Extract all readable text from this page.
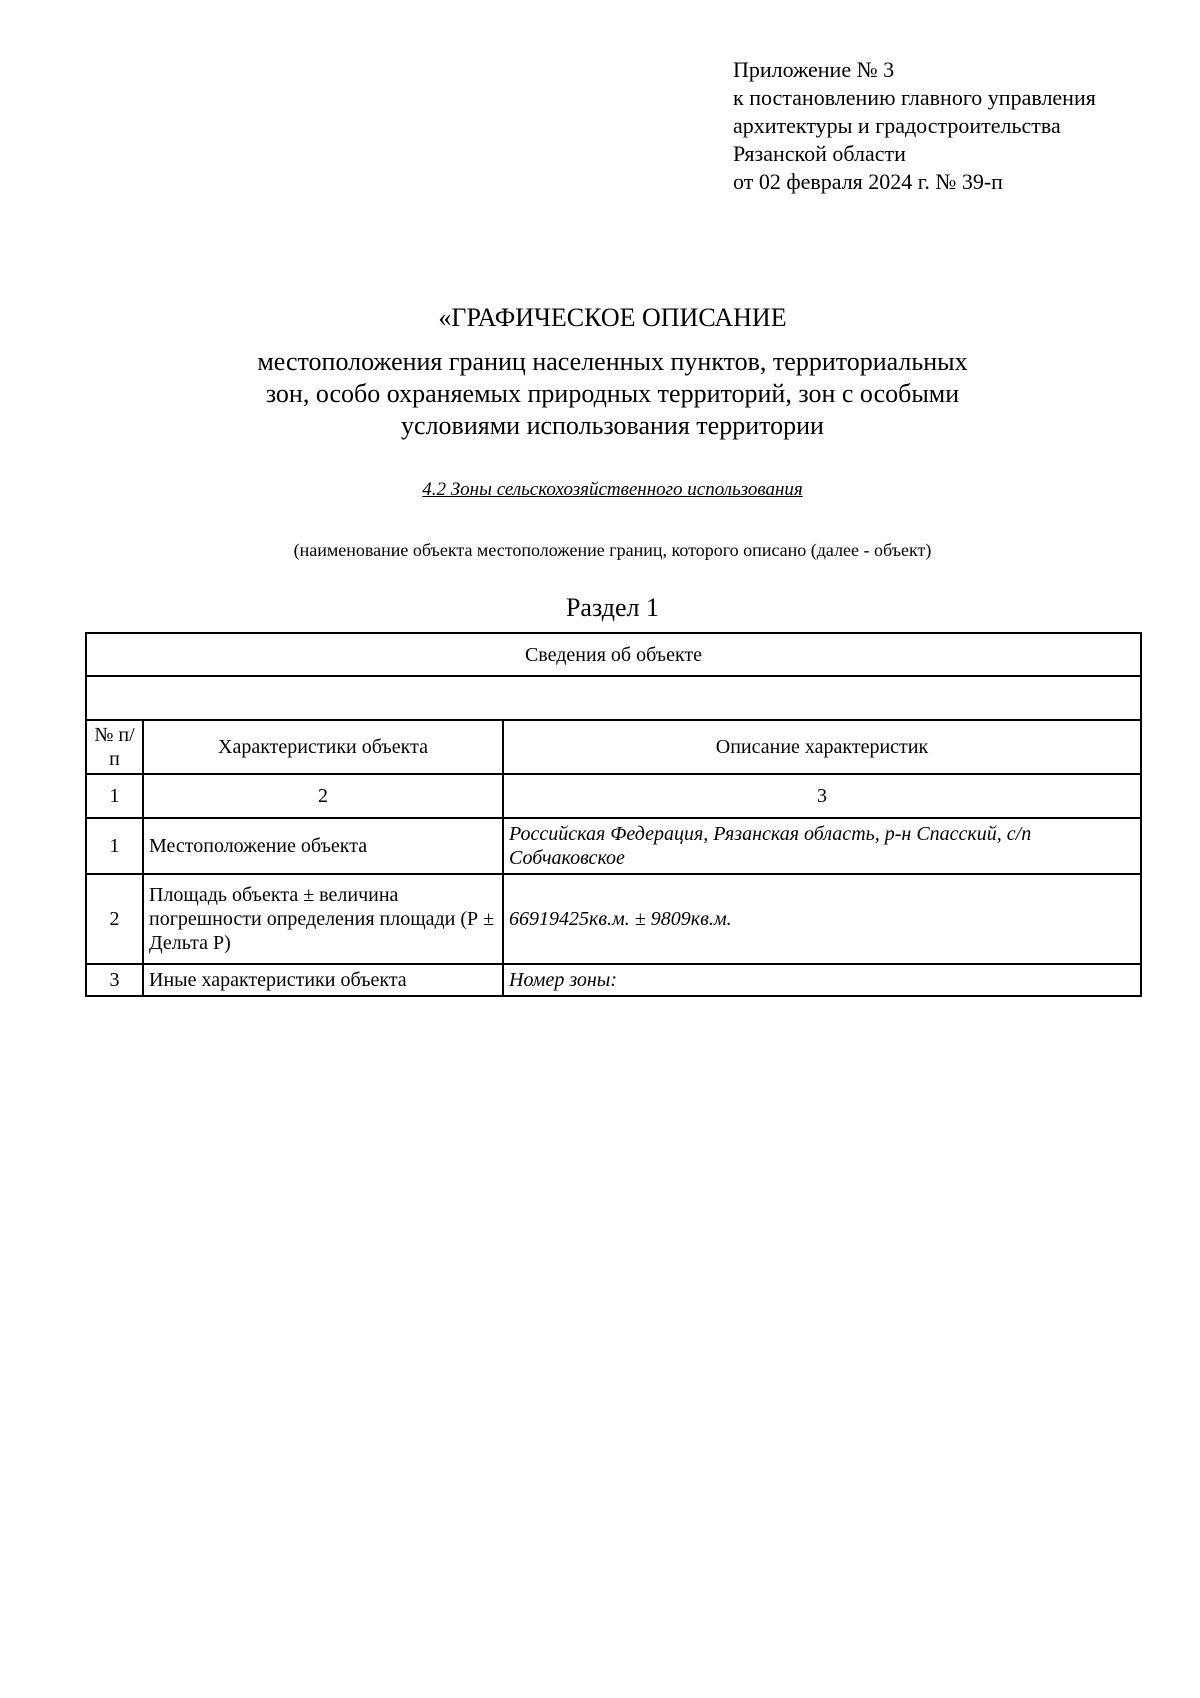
Приложение № 3
к постановлению главного управления
архитектуры и градостроительства
Рязанской области
от 02 февраля 2024 г. № 39-п
«ГРАФИЧЕСКОЕ ОПИСАНИЕ
местоположения границ населенных пунктов, территориальных
зон, особо охраняемых природных территорий, зон с особыми
условиями использования территории
4.2 Зоны сельскохозяйственного использования
(наименование объекта местоположение границ, которого описано (далее - объект)
Раздел 1
Сведения об объекте		

№ п/п	Характеристики объекта	Описание характеристик
1	2	3
1	Местоположение объекта	Российская Федерация, Рязанская область, р-н Спасский, с/п Собчаковское
2	Площадь объекта ± величина погрешности определения площади (Р ± Дельта Р)	66919425кв.м. ± 9809кв.м.
3	Иные характеристики объекта	Номер зоны:
